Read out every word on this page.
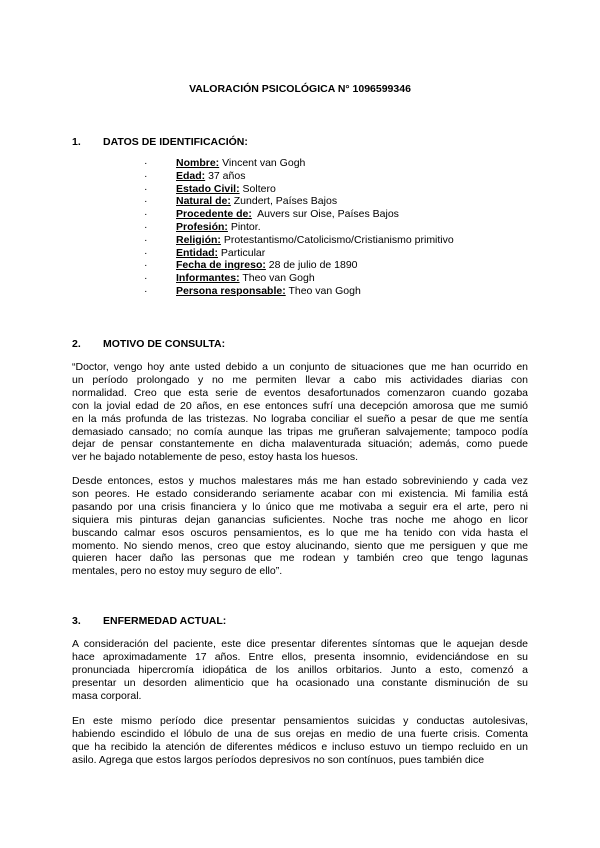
VALORACIÓN PSICOLÓGICA N° 1096599346
1. DATOS DE IDENTIFICACIÓN:
·	Nombre: Vincent van Gogh
·	Edad: 37 años
·	Estado Civil: Soltero
·	Natural de: Zundert, Países Bajos
·	Procedente de:  Auvers sur Oise, Países Bajos
·	Profesión: Pintor.
·	Religión: Protestantismo/Catolicismo/Cristianismo primitivo
·	Entidad: Particular
·	Fecha de ingreso: 28 de julio de 1890
·	Informantes: Theo van Gogh
·	Persona responsable: Theo van Gogh
2. MOTIVO DE CONSULTA:

“Doctor, vengo hoy ante usted debido a un conjunto de situaciones que me han ocurrido en
un período prolongado y no me permiten llevar a cabo mis actividades diarias con
normalidad. Creo que esta serie de eventos desafortunados comenzaron cuando gozaba
con la jovial edad de 20 años, en ese entonces sufrí una decepción amorosa que me sumió
en la más profunda de las tristezas. No lograba conciliar el sueño a pesar de que me sentía
demasiado cansado; no comía aunque las tripas me gruñeran salvajemente; tampoco podía
dejar de pensar constantemente en dicha malaventurada situación; además, como puede
ver he bajado notablemente de peso, estoy hasta los huesos.

Desde entonces, estos y muchos malestares más me han estado sobreviniendo y cada vez
son peores. He estado considerando seriamente acabar con mi existencia. Mi familia está
pasando por una crisis financiera y lo único que me motivaba a seguir era el arte, pero ni
siquiera mis pinturas dejan ganancias suficientes. Noche tras noche me ahogo en licor
buscando calmar esos oscuros pensamientos, es lo que me ha tenido con vida hasta el
momento. No siendo menos, creo que estoy alucinando, siento que me persiguen y que me
quieren hacer daño las personas que me rodean y también creo que tengo lagunas
mentales, pero no estoy muy seguro de ello”.

3. ENFERMEDAD ACTUAL:

A consideración del paciente, este dice presentar diferentes síntomas que le aquejan desde
hace aproximadamente 17 años. Entre ellos, presenta insomnio, evidenciándose en su
pronunciada hipercromía idiopática de los anillos orbitarios. Junto a esto, comenzó a
presentar un desorden alimenticio que ha ocasionado una constante disminución de su
masa corporal.

En este mismo período dice presentar pensamientos suicidas y conductas autolesivas,
habiendo escindido el lóbulo de una de sus orejas en medio de una fuerte crisis. Comenta
que ha recibido la atención de diferentes médicos e incluso estuvo un tiempo recluido en un
asilo. Agrega que estos largos períodos depresivos no son contínuos, pues también dice
